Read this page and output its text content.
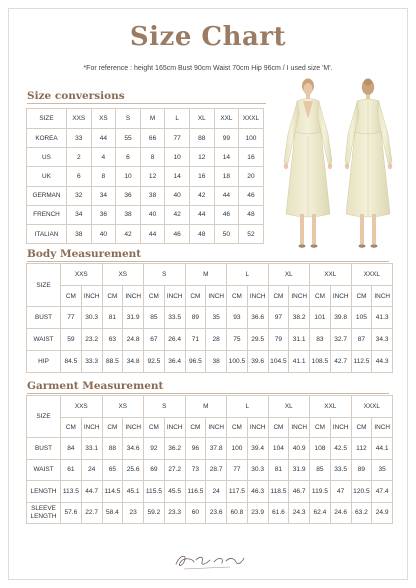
Size Chart
*For reference : height 165cm Bust 90cm Waist 70cm Hip 96cm / I used size 'M'.
Size conversions
SIZE	XXS	XS	S	M	L	XL	XXL	XXXL
KOREA	33	44	55	66	77	88	99	100
US	2	4	6	8	10	12	14	16
UK	6	8	10	12	14	16	18	20
GERMAN	32	34	36	38	40	42	44	46
FRENCH	34	36	38	40	42	44	46	48
ITALIAN	38	40	42	44	46	48	50	52
Body Measurement
SIZE	XXS		XS		S		M		L		XL		XXL		XXXL	
	CM	INCH	CM	INCH	CM	INCH	CM	INCH	CM	INCH	CM	INCH	CM	INCH	CM	INCH
BUST	77	30.3	81	31.9	85	33.5	89	35	93	36.6	97	38.2	101	39.8	105	41.3
WAIST	59	23.2	63	24.8	67	26.4	71	28	75	29.5	79	31.1	83	32.7	87	34.3
HIP	84.5	33.3	88.5	34.8	92.5	36.4	96.5	38	100.5	39.6	104.5	41.1	108.5	42.7	112.5	44.3
Garment Measurement
SIZE	XXS		XS		S		M		L		XL		XXL		XXXL	
	CM	INCH	CM	INCH	CM	INCH	CM	INCH	CM	INCH	CM	INCH	CM	INCH	CM	INCH
BUST	84	33.1	88	34.6	92	36.2	96	37.8	100	39.4	104	40.9	108	42.5	112	44.1
WAIST	61	24	65	25.6	69	27.2	73	28.7	77	30.3	81	31.9	85	33.5	89	35
LENGTH	113.5	44.7	114.5	45.1	115.5	45.5	116.5	24	117.5	46.3	118.5	46.7	119.5	47	120.5	47.4
SLEEVE LENGTH	57.6	22.7	58.4	23	59.2	23.3	60	23.6	60.8	23.9	61.6	24.3	62.4	24.6	63.2	24.9
